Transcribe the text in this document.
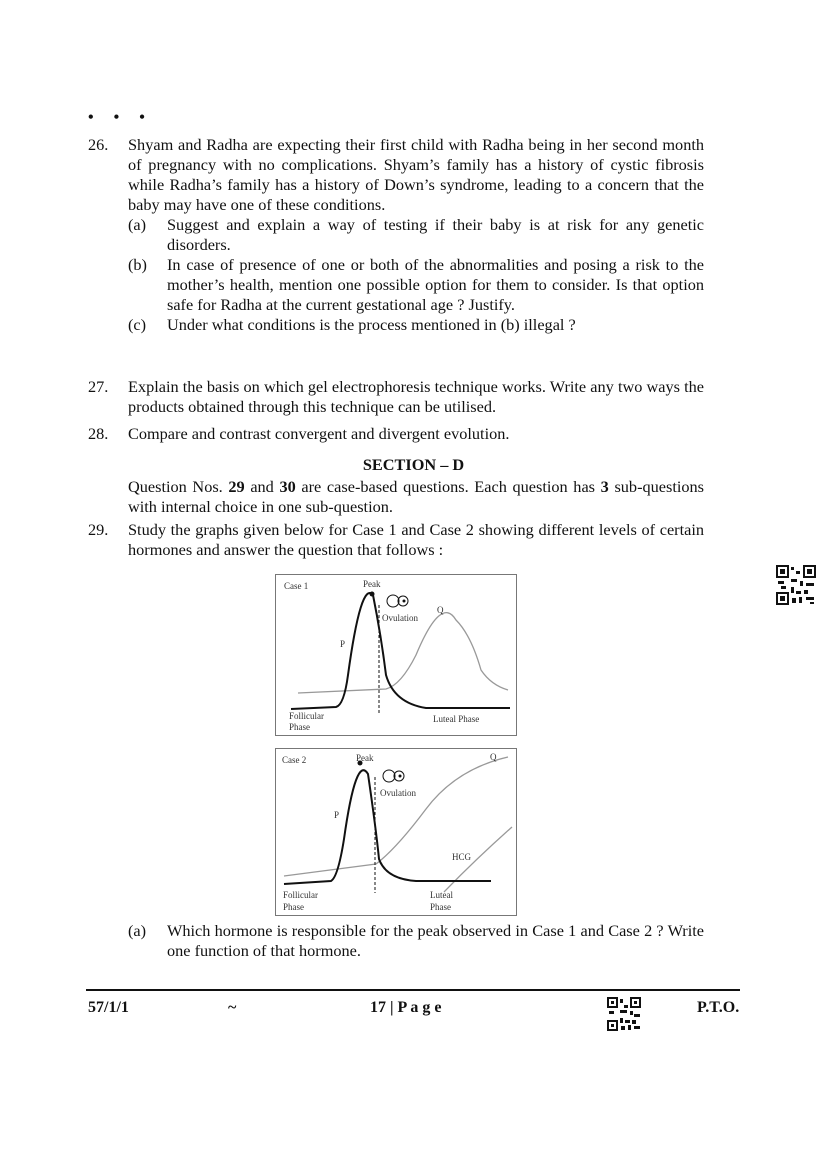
• • •
26. Shyam and Radha are expecting their first child with Radha being in her second month of pregnancy with no complications. Shyam’s family has a history of cystic fibrosis while Radha’s family has a history of Down’s syndrome, leading to a concern that the baby may have one of these conditions.
(a) Suggest and explain a way of testing if their baby is at risk for any genetic disorders.
(b) In case of presence of one or both of the abnormalities and posing a risk to the mother’s health, mention one possible option for them to consider. Is that option safe for Radha at the current gestational age ? Justify.
(c) Under what conditions is the process mentioned in (b) illegal ?
27. Explain the basis on which gel electrophoresis technique works. Write any two ways the products obtained through this technique can be utilised.
28. Compare and contrast convergent and divergent evolution.
SECTION – D
Question Nos. 29 and 30 are case-based questions. Each question has 3 sub-questions with internal choice in one sub-question.
29. Study the graphs given below for Case 1 and Case 2 showing different levels of certain hormones and answer the question that follows :
Case 1	Peak
Ovulation
P
Q
Follicular
Phase
Luteal Phase
Case 2	Peak
Ovulation
P
Q
HCG
Follicular
Phase
Luteal
Phase
(a) Which hormone is responsible for the peak observed in Case 1 and Case 2 ? Write one function of that hormone.
57/1/1	~	17 | P a g e	P.T.O.
